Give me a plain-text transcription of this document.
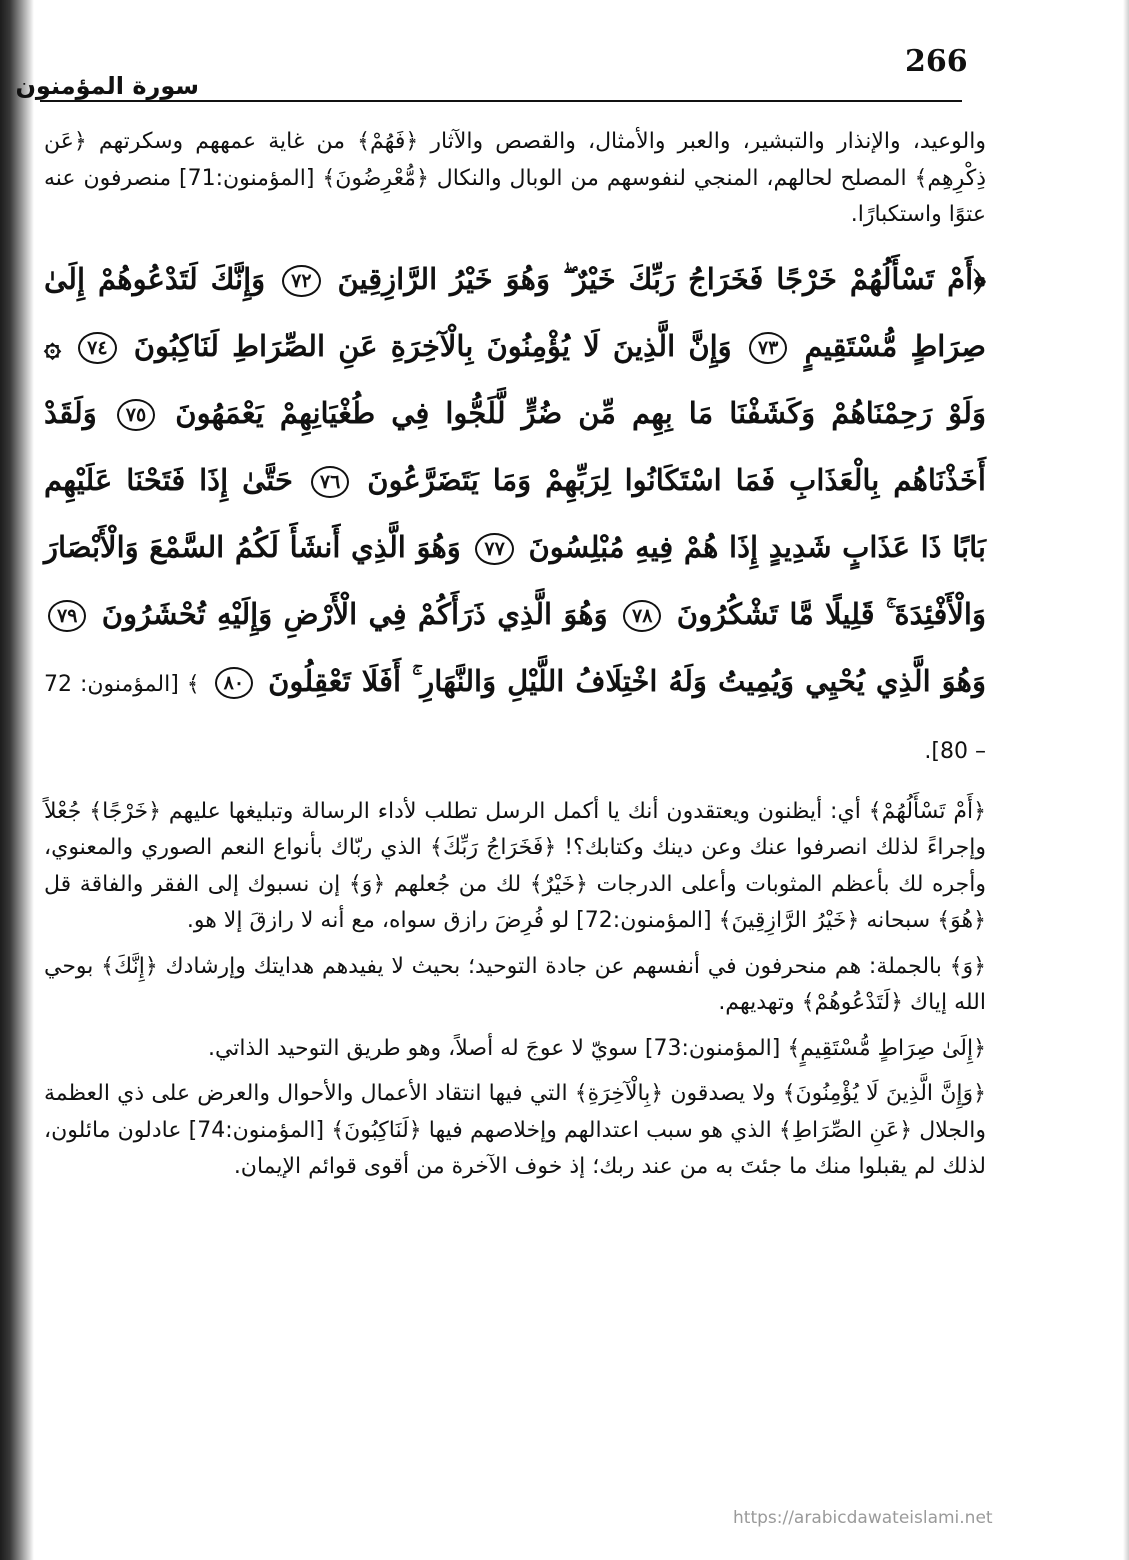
266
سورة المؤمنون

والوعيد، والإنذار والتبشير، والعبر والأمثال، والقصص والآثار ﴿فَهُمْ﴾ من غاية عمههم وسكرتهم ﴿عَن ذِكْرِهِم﴾ المصلح لحالهم، المنجي لنفوسهم من الوبال والنكال ﴿مُّعْرِضُونَ﴾ [المؤمنون:71] منصرفون عنه عتوًا واستكبارًا.

﴿أَمْ تَسْأَلُهُمْ خَرْجًا فَخَرَاجُ رَبِّكَ خَيْرٌ ۖ وَهُوَ خَيْرُ الرَّازِقِينَ ٧٢ وَإِنَّكَ لَتَدْعُوهُمْ إِلَىٰ صِرَاطٍ مُّسْتَقِيمٍ ٧٣ وَإِنَّ الَّذِينَ لَا يُؤْمِنُونَ بِالْآخِرَةِ عَنِ الصِّرَاطِ لَنَاكِبُونَ ٧٤ ۞ وَلَوْ رَحِمْنَاهُمْ وَكَشَفْنَا مَا بِهِم مِّن ضُرٍّ لَّلَجُّوا فِي طُغْيَانِهِمْ يَعْمَهُونَ ٧٥ وَلَقَدْ أَخَذْنَاهُم بِالْعَذَابِ فَمَا اسْتَكَانُوا لِرَبِّهِمْ وَمَا يَتَضَرَّعُونَ ٧٦ حَتَّىٰ إِذَا فَتَحْنَا عَلَيْهِم بَابًا ذَا عَذَابٍ شَدِيدٍ إِذَا هُمْ فِيهِ مُبْلِسُونَ ٧٧ وَهُوَ الَّذِي أَنشَأَ لَكُمُ السَّمْعَ وَالْأَبْصَارَ وَالْأَفْئِدَةَ ۚ قَلِيلًا مَّا تَشْكُرُونَ ٧٨ وَهُوَ الَّذِي ذَرَأَكُمْ فِي الْأَرْضِ وَإِلَيْهِ تُحْشَرُونَ ٧٩ وَهُوَ الَّذِي يُحْيِي وَيُمِيتُ وَلَهُ اخْتِلَافُ اللَّيْلِ وَالنَّهَارِ ۚ أَفَلَا تَعْقِلُونَ ٨٠ ﴾ [المؤمنون: 72 – 80].

﴿أَمْ تَسْأَلُهُمْ﴾ أي: أيظنون ويعتقدون أنك يا أكمل الرسل تطلب لأداء الرسالة وتبليغها عليهم ﴿خَرْجًا﴾ جُعْلاً وإجراءً لذلك انصرفوا عنك وعن دينك وكتابك؟! ﴿فَخَرَاجُ رَبِّكَ﴾ الذي ربّاك بأنواع النعم الصوري والمعنوي، وأجره لك بأعظم المثوبات وأعلى الدرجات ﴿خَيْرٌ﴾ لك من جُعلهم ﴿وَ﴾ إن نسبوك إلى الفقر والفاقة قل ﴿هُوَ﴾ سبحانه ﴿خَيْرُ الرَّازِقِينَ﴾ [المؤمنون:72] لو فُرِضَ رازق سواه، مع أنه لا رازقَ إلا هو.

﴿وَ﴾ بالجملة: هم منحرفون في أنفسهم عن جادة التوحيد؛ بحيث لا يفيدهم هدايتك وإرشادك ﴿إِنَّكَ﴾ بوحي الله إياك ﴿لَتَدْعُوهُمْ﴾ وتهديهم.

﴿إِلَىٰ صِرَاطٍ مُّسْتَقِيمٍ﴾ [المؤمنون:73] سويّ لا عوجَ له أصلاً، وهو طريق التوحيد الذاتي.

﴿وَإِنَّ الَّذِينَ لَا يُؤْمِنُونَ﴾ ولا يصدقون ﴿بِالْآخِرَةِ﴾ التي فيها انتقاد الأعمال والأحوال والعرض على ذي العظمة والجلال ﴿عَنِ الصِّرَاطِ﴾ الذي هو سبب اعتدالهم وإخلاصهم فيها ﴿لَنَاكِبُونَ﴾ [المؤمنون:74] عادلون مائلون، لذلك لم يقبلوا منك ما جئتَ به من عند ربك؛ إذ خوف الآخرة من أقوى قوائم الإيمان.

https://arabicdawateislami.net
